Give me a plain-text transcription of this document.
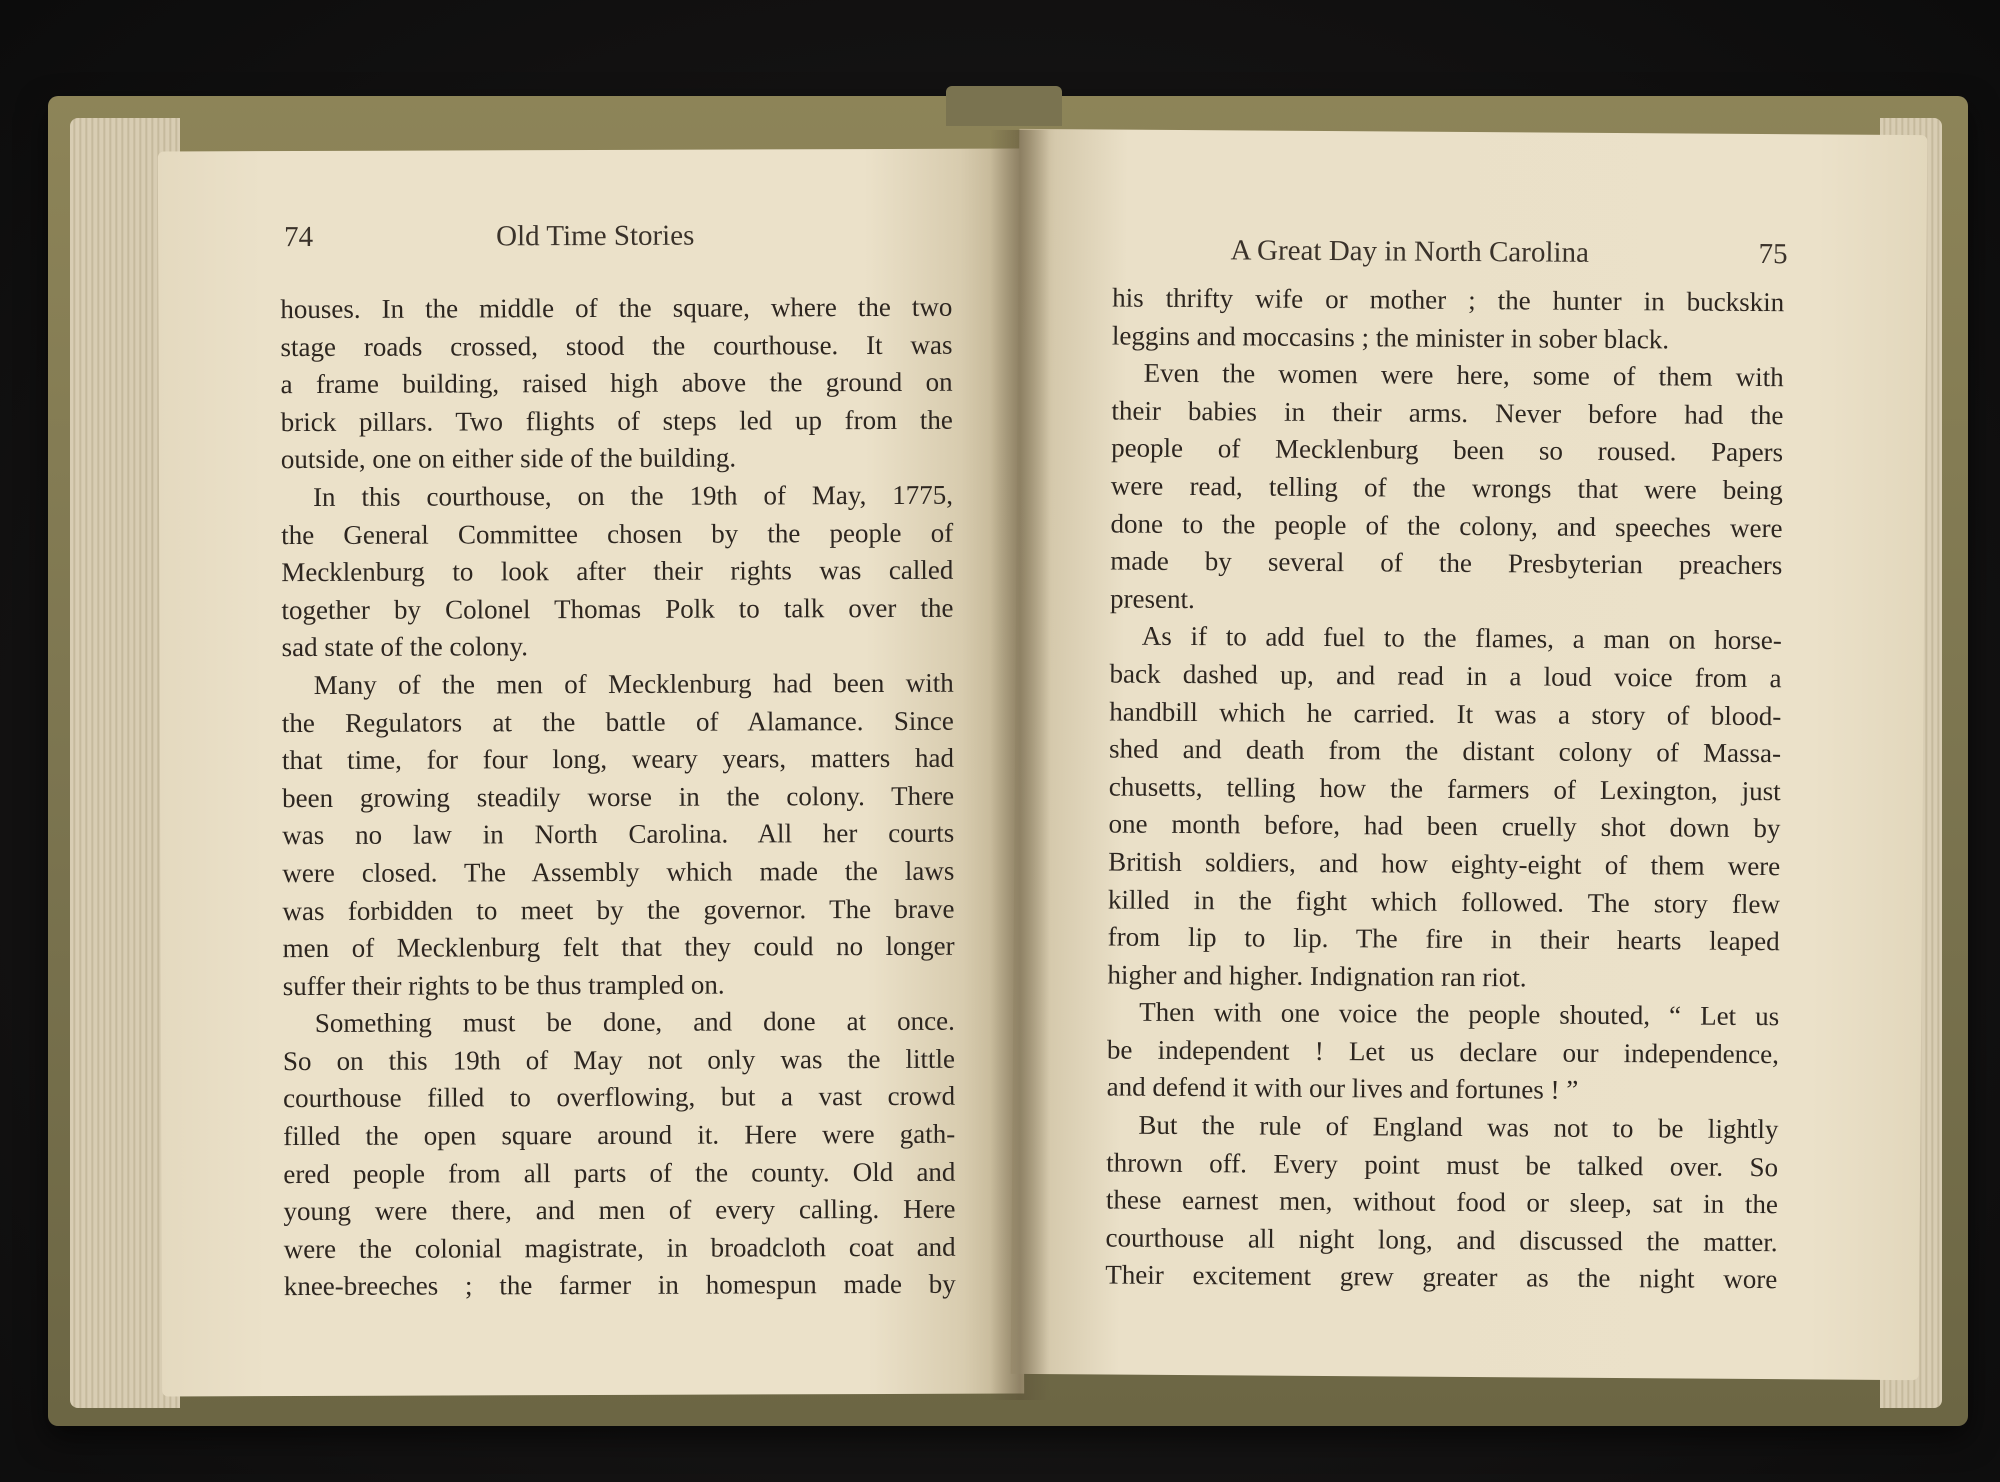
74	Old Time Stories

houses. In the middle of the square, where the two

stage roads crossed, stood the courthouse. It was

a frame building, raised high above the ground on

brick pillars. Two flights of steps led up from the

outside, one on either side of the building.

In this courthouse, on the 19th of May, 1775,

the General Committee chosen by the people of

Mecklenburg to look after their rights was called

together by Colonel Thomas Polk to talk over the

sad state of the colony.

Many of the men of Mecklenburg had been with

the Regulators at the battle of Alamance. Since

that time, for four long, weary years, matters had

been growing steadily worse in the colony. There

was no law in North Carolina. All her courts

were closed. The Assembly which made the laws

was forbidden to meet by the governor. The brave

men of Mecklenburg felt that they could no longer

suffer their rights to be thus trampled on.

Something must be done, and done at once.

So on this 19th of May not only was the little

courthouse filled to overflowing, but a vast crowd

filled the open square around it. Here were gath-

ered people from all parts of the county. Old and

young were there, and men of every calling. Here

were the colonial magistrate, in broadcloth coat and

knee-breeches ; the farmer in homespun made by

A Great Day in North Carolina	75

his thrifty wife or mother ; the hunter in buckskin

leggins and moccasins ; the minister in sober black.

Even the women were here, some of them with

their babies in their arms. Never before had the

people of Mecklenburg been so roused. Papers

were read, telling of the wrongs that were being

done to the people of the colony, and speeches were

made by several of the Presbyterian preachers

present.

As if to add fuel to the flames, a man on horse-

back dashed up, and read in a loud voice from a

handbill which he carried. It was a story of blood-

shed and death from the distant colony of Massa-

chusetts, telling how the farmers of Lexington, just

one month before, had been cruelly shot down by

British soldiers, and how eighty-eight of them were

killed in the fight which followed. The story flew

from lip to lip. The fire in their hearts leaped

higher and higher. Indignation ran riot.

Then with one voice the people shouted, “ Let us

be independent ! Let us declare our independence,

and defend it with our lives and fortunes ! ”

But the rule of England was not to be lightly

thrown off. Every point must be talked over. So

these earnest men, without food or sleep, sat in the

courthouse all night long, and discussed the matter.

Their excitement grew greater as the night wore
